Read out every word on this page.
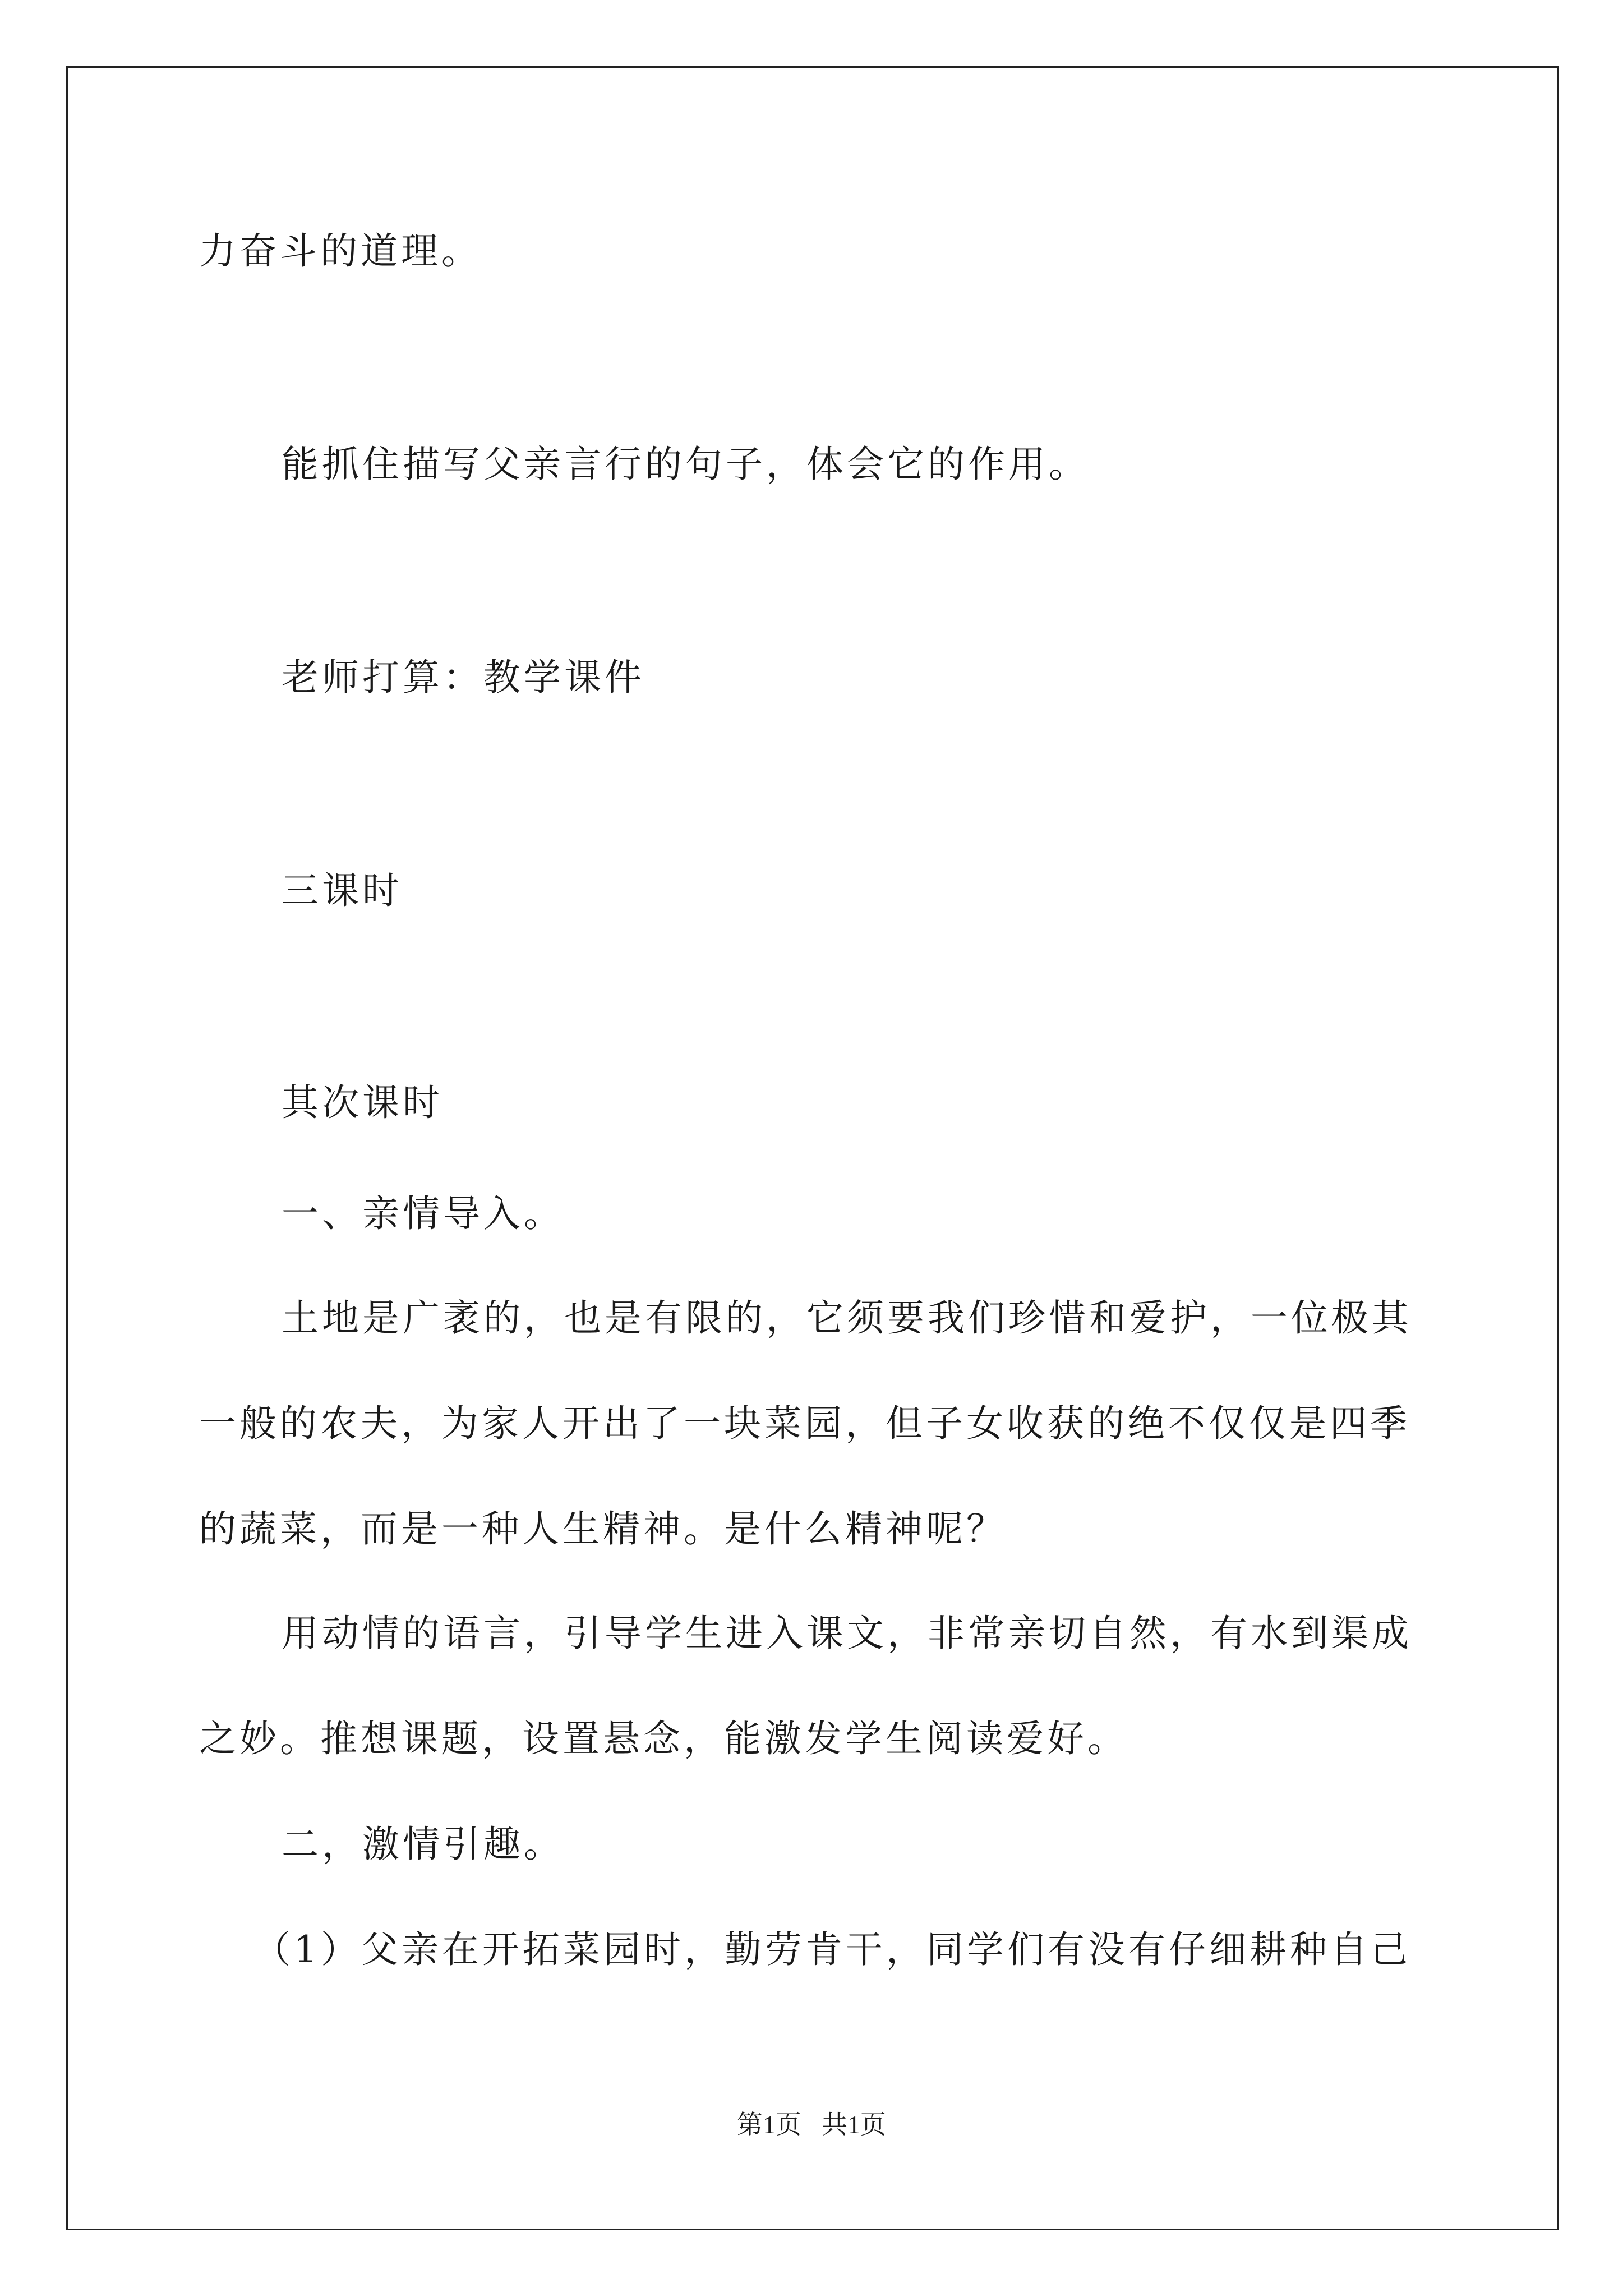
力奋斗的道理。
能抓住描写父亲言行的句子，体会它的作用。
老师打算：教学课件
三课时
其次课时
一、亲情导入。
土地是广袤的，也是有限的，它须要我们珍惜和爱护，一位极其
一般的农夫，为家人开出了一块菜园，但子女收获的绝不仅仅是四季
的蔬菜，而是一种人生精神。是什么精神呢？
用动情的语言，引导学生进入课文，非常亲切自然，有水到渠成
之妙。推想课题，设置悬念，能激发学生阅读爱好。
二，激情引趣。
（1）父亲在开拓菜园时，勤劳肯干，同学们有没有仔细耕种自己
第1页 共1页
